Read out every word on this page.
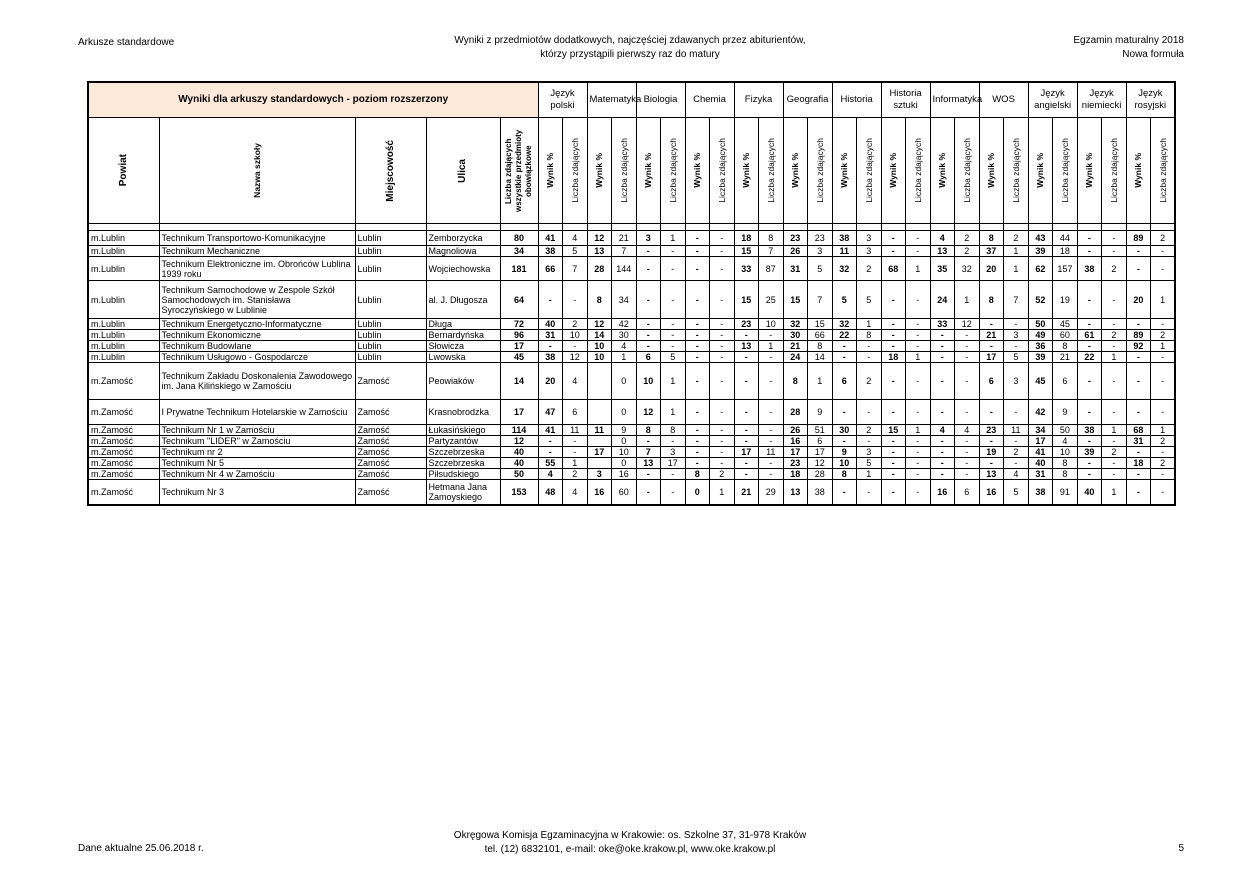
Arkusze standardowe	Wyniki z przedmiotów dodatkowych, najczęściej zdawanych przez abiturientów,
którzy przystąpili pierwszy raz do matury
Egzamin maturalny 2018
Nowa formuła
Wyniki dla arkuszy standardowych - poziom rozszerzony					Język polski		Matematyka		Biologia		Chemia		Fizyka		Geografia		Historia		Historia sztuki		Informatyka		WOS		Język angielski		Język niemiecki		Język rosyjski	

Powiat	Nazwa szkoły	Miejscowość	Ulica	Liczba zdających wszystkie przedmioty obowiązkowe	Wynik %	Liczba zdających	Wynik %	Liczba zdających	Wynik %	Liczba zdających	Wynik %	Liczba zdających	Wynik %	Liczba zdających	Wynik %	Liczba zdających	Wynik %	Liczba zdających	Wynik %	Liczba zdających	Wynik %	Liczba zdających	Wynik %	Liczba zdających	Wynik %	Liczba zdających	Wynik %	Liczba zdających	Wynik %	Liczba zdających

m.Lublin	Technikum Transportowo-Komunikacyjne	Lublin	Zemborzycka	80	41	4	12	21	3	1	-	-	18	8	23	23	38	3	-	-	4	2	8	2	43	44	-	-	89	2
m.Lublin	Technikum Mechaniczne	Lublin	Magnoliowa	34	38	5	13	7	-	-	-	-	15	7	26	3	11	3	-	-	13	2	37	1	39	18	-	-	-	-
m.Lublin	Technikum Elektroniczne im. Obrońców Lublina 1939 roku	Lublin	Wojciechowska	181	66	7	28	144	-	-	-	-	33	87	31	5	32	2	68	1	35	32	20	1	62	157	38	2	-	-
m.Lublin	Technikum Samochodowe w Zespole Szkół Samochodowych im. Stanisława Syroczyńskiego w Lublinie	Lublin	al. J. Długosza	64	-	-	8	34	-	-	-	-	15	25	15	7	5	5	-	-	24	1	8	7	52	19	-	-	20	1
m.Lublin	Technikum Energetyczno-Informatyczne	Lublin	Długa	72	40	2	12	42	-	-	-	-	23	10	32	15	32	1	-	-	33	12	-	-	50	45	-	-	-	-
m.Lublin	Technikum Ekonomiczne	Lublin	Bernardyńska	96	31	10	14	30	-	-	-	-	-	-	30	66	22	8	-	-	-	-	21	3	49	60	61	2	89	2
m.Lublin	Technikum Budowlane	Lublin	Słowicza	17	-	-	10	4	-	-	-	-	13	1	21	8	-	-	-	-	-	-	-	-	36	8	-	-	92	1
m.Lublin	Technikum Usługowo - Gospodarcze	Lublin	Lwowska	45	38	12	10	1	6	5	-	-	-	-	24	14	-	-	18	1	-	-	17	5	39	21	22	1	-	-
m.Zamość	Technikum Zakładu Doskonalenia Zawodowego im. Jana Kilińskiego w Zamościu	Zamość	Peowiaków	14	20	4		0	10	1	-	-	-	-	8	1	6	2	-	-	-	-	6	3	45	6	-	-	-	-
m.Zamość	I Prywatne Technikum Hotelarskie w Zamościu	Zamość	Krasnobrodzka	17	47	6		0	12	1	-	-	-	-	28	9	-	-	-	-	-	-	-	-	42	9	-	-	-	-
m.Zamość	Technikum Nr 1 w Zamościu	Zamość	Łukasińskiego	114	41	11	11	9	8	8	-	-	-	-	26	51	30	2	15	1	4	4	23	11	34	50	38	1	68	1
m.Zamość	Technikum "LIDER" w Zamościu	Zamość	Partyzantów	12	-	-		0	-	-	-	-	-	-	16	6	-	-	-	-	-	-	-	-	17	4	-	-	31	2
m.Zamość	Technikum nr 2	Zamość	Szczebrzeska	40	-	-	17	10	7	3	-	-	17	11	17	17	9	3	-	-	-	-	19	2	41	10	39	2	-	-
m.Zamość	Technikum Nr 5	Zamość	Szczebrzeska	40	55	1		0	13	17	-	-	-	-	23	12	10	5	-	-	-	-	-	-	40	8	-	-	18	2
m.Zamość	Technikum Nr 4 w Zamościu	Zamość	Piłsudskiego	50	4	2	3	16	-	-	8	2	-	-	18	28	8	1	-	-	-	-	13	4	31	8	-	-	-	-
m.Zamość	Technikum Nr 3	Zamość	Hetmana Jana Zamoyskiego	153	48	4	16	60	-	-	0	1	21	29	13	38	-	-	-	-	16	6	16	5	38	91	40	1	-	-
Dane aktualne 25.06.2018 r.
Okręgowa Komisja Egzaminacyjna w Krakowie: os. Szkolne 37, 31-978 Kraków
tel. (12) 6832101, e-mail: oke@oke.krakow.pl, www.oke.krakow.pl	5
